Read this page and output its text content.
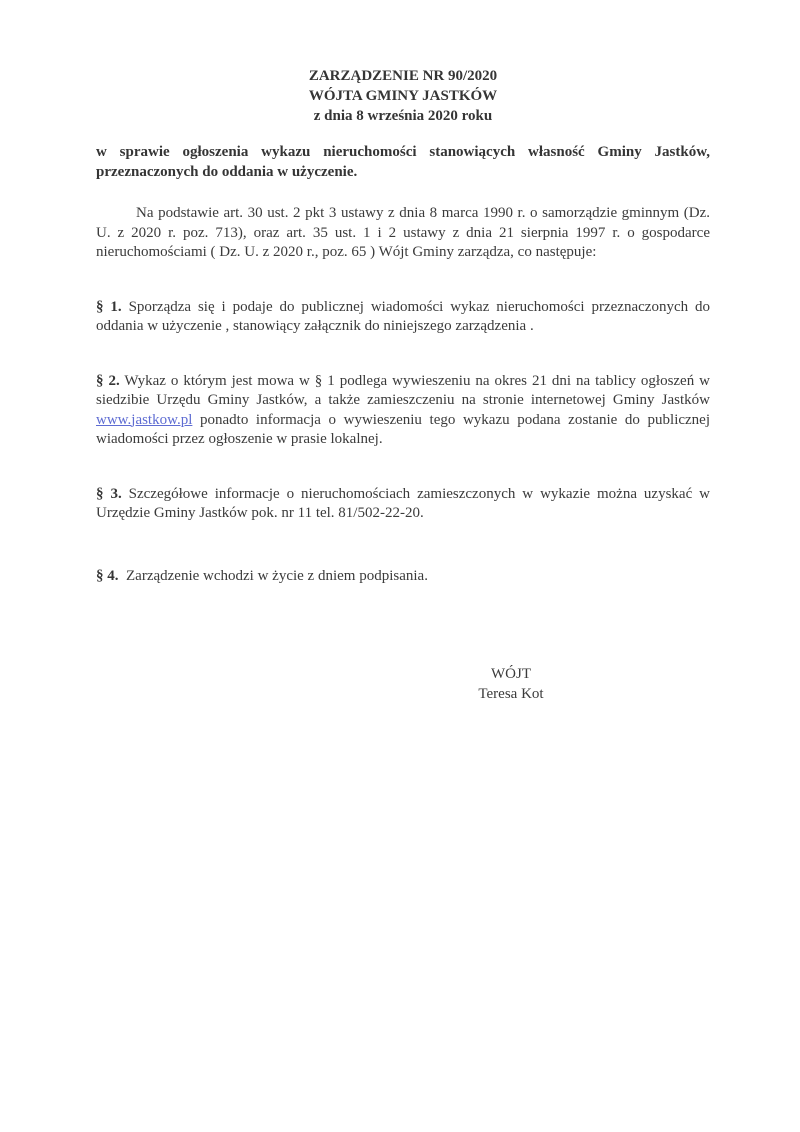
ZARZĄDZENIE NR 90/2020
WÓJTA GMINY JASTKÓW
z dnia 8 września 2020 roku

w sprawie ogłoszenia wykazu nieruchomości stanowiących własność Gminy Jastków, przeznaczonych do oddania w użyczenie.

Na podstawie art. 30 ust. 2 pkt 3 ustawy z dnia 8 marca 1990 r. o samorządzie gminnym (Dz. U. z 2020 r. poz. 713), oraz art. 35 ust. 1 i 2 ustawy z dnia 21 sierpnia 1997 r. o gospodarce nieruchomościami ( Dz. U. z 2020 r., poz. 65 ) Wójt Gminy zarządza, co następuje:

§ 1. Sporządza się i podaje do publicznej wiadomości wykaz nieruchomości przeznaczonych do oddania w użyczenie , stanowiący załącznik do niniejszego zarządzenia .

§ 2. Wykaz o którym jest mowa w § 1 podlega wywieszeniu na okres 21 dni na tablicy ogłoszeń w siedzibie Urzędu Gminy Jastków, a także zamieszczeniu na stronie internetowej Gminy Jastków www.jastkow.pl ponadto informacja o wywieszeniu tego wykazu podana zostanie do publicznej wiadomości przez ogłoszenie w prasie lokalnej.

§ 3. Szczegółowe informacje o nieruchomościach zamieszczonych w wykazie można uzyskać w Urzędzie Gminy Jastków pok. nr 11 tel. 81/502-22-20.

§ 4. Zarządzenie wchodzi w życie z dniem podpisania.

WÓJT
Teresa Kot
